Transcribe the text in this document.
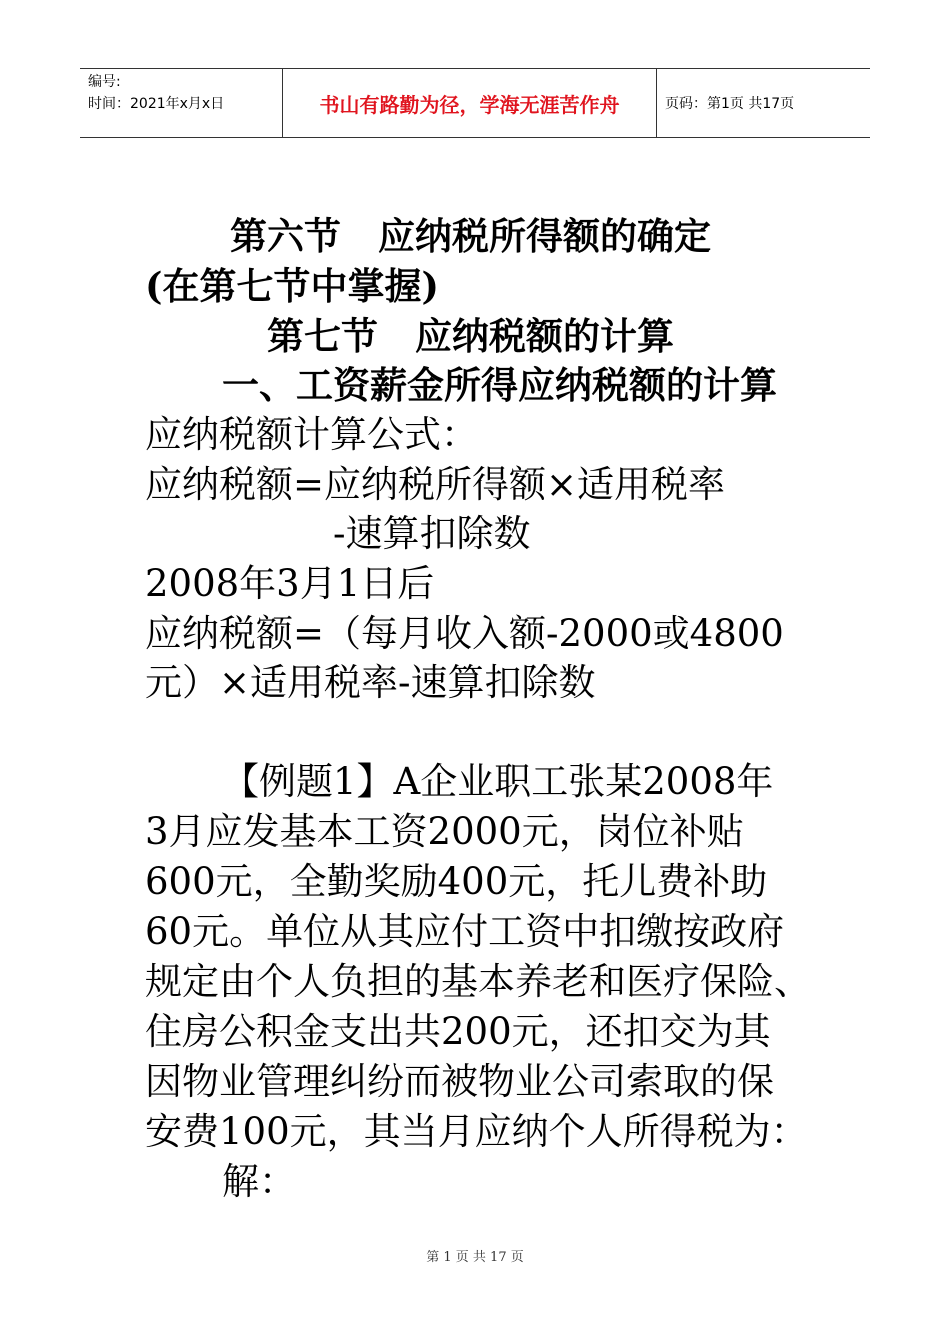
编号:
时间：2021年x月x日	书山有路勤为径，学海无涯苦作舟	页码：第1页 共17页
第六节　应纳税所得额的确定
(在第七节中掌握)
第七节　应纳税额的计算
一、工资薪金所得应纳税额的计算
应纳税额计算公式：
应纳税额=应纳税所得额×适用税率
-速算扣除数
2008年3月1日后
应纳税额=（每月收入额-2000或4800
元）×适用税率-速算扣除数
【例题1】A企业职工张某2008年
3月应发基本工资2000元，岗位补贴
600元，全勤奖励400元，托儿费补助
60元。单位从其应付工资中扣缴按政府
规定由个人负担的基本养老和医疗保险、
住房公积金支出共200元，还扣交为其
因物业管理纠纷而被物业公司索取的保
安费100元，其当月应纳个人所得税为：
解：
第 1 页 共 17 页
